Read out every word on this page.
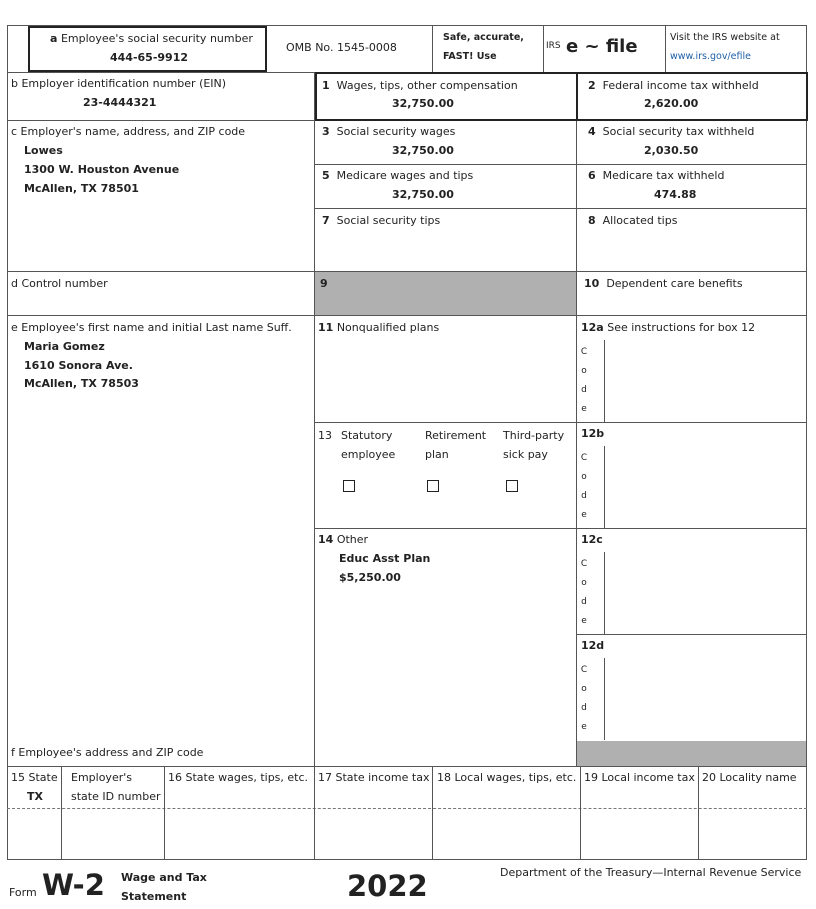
a Employee's social security number
444-65-9912
OMB No. 1545-0008
Safe, accurate,
FAST! Use
IRS e ~ file	Visit the IRS website at
www.irs.gov/efile
b Employer identification number (EIN)
23-4444321
c Employer's name, address, and ZIP code
Lowes
1300 W. Houston Avenue
McAllen, TX 78501
d Control number
e Employee's first name and initial Last name Suff.
Maria Gomez
1610 Sonora Ave.
McAllen, TX 78503
f Employee's address and ZIP code
1 Wages, tips, other compensation
32,750.00
3 Social security wages
32,750.00
5 Medicare wages and tips
32,750.00
7 Social security tips
9
11 Nonqualified plans
13 Statutory
employee
Retirement
plan
Third-party
sick pay
14 Other
Educ Asst Plan
$5,250.00
2 Federal income tax withheld
2,620.00
4 Social security tax withheld
2,030.50
6 Medicare tax withheld
474.88
8 Allocated tips
10 Dependent care benefits
12a See instructions for box 12
12b
12c
12d
C
o
d
e
C
o
d
e
C
o
d
e
C
o
d
e
15 State
TX
Employer's
state ID number
16 State wages, tips, etc. 17 State income tax 18 Local wages, tips, etc. 19 Local income tax 20 Locality name
Form W-2 Wage and Tax
Statement	2022	Department of the Treasury—Internal Revenue Service
